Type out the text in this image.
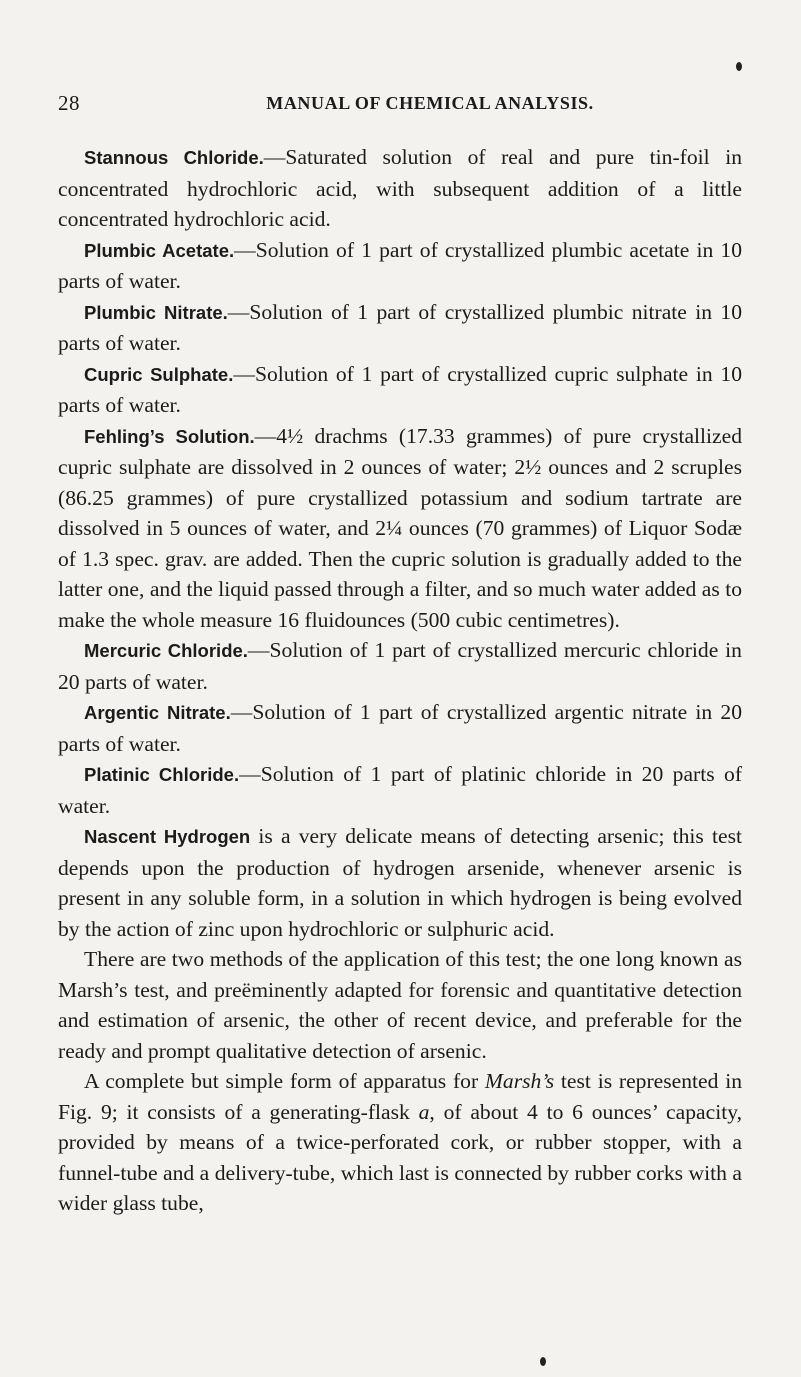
28	MANUAL OF CHEMICAL ANALYSIS.

Stannous Chloride.—Saturated solution of real and pure tin-foil in concentrated hydrochloric acid, with subsequent addition of a little concentrated hydrochloric acid.

Plumbic Acetate.—Solution of 1 part of crystallized plumbic acetate in 10 parts of water.

Plumbic Nitrate.—Solution of 1 part of crystallized plumbic nitrate in 10 parts of water.

Cupric Sulphate.—Solution of 1 part of crystallized cupric sulphate in 10 parts of water.

Fehling’s Solution.—4½ drachms (17.33 grammes) of pure crystallized cupric sulphate are dissolved in 2 ounces of water; 2½ ounces and 2 scruples (86.25 grammes) of pure crystallized potassium and sodium tartrate are dissolved in 5 ounces of water, and 2¼ ounces (70 grammes) of Liquor Sodæ of 1.3 spec. grav. are added. Then the cupric solution is gradually added to the latter one, and the liquid passed through a filter, and so much water added as to make the whole measure 16 fluidounces (500 cubic centimetres).

Mercuric Chloride.—Solution of 1 part of crystallized mercuric chloride in 20 parts of water.

Argentic Nitrate.—Solution of 1 part of crystallized argentic nitrate in 20 parts of water.

Platinic Chloride.—Solution of 1 part of platinic chloride in 20 parts of water.

Nascent Hydrogen is a very delicate means of detecting arsenic; this test depends upon the production of hydrogen arsenide, whenever arsenic is present in any soluble form, in a solution in which hydrogen is being evolved by the action of zinc upon hydrochloric or sulphuric acid.

There are two methods of the application of this test; the one long known as Marsh’s test, and preëminently adapted for forensic and quantitative detection and estimation of arsenic, the other of recent device, and preferable for the ready and prompt qualitative detection of arsenic.

A complete but simple form of apparatus for Marsh’s test is represented in Fig. 9; it consists of a generating-flask a, of about 4 to 6 ounces’ capacity, provided by means of a twice-perforated cork, or rubber stopper, with a funnel-tube and a delivery-tube, which last is connected by rubber corks with a wider glass tube,
